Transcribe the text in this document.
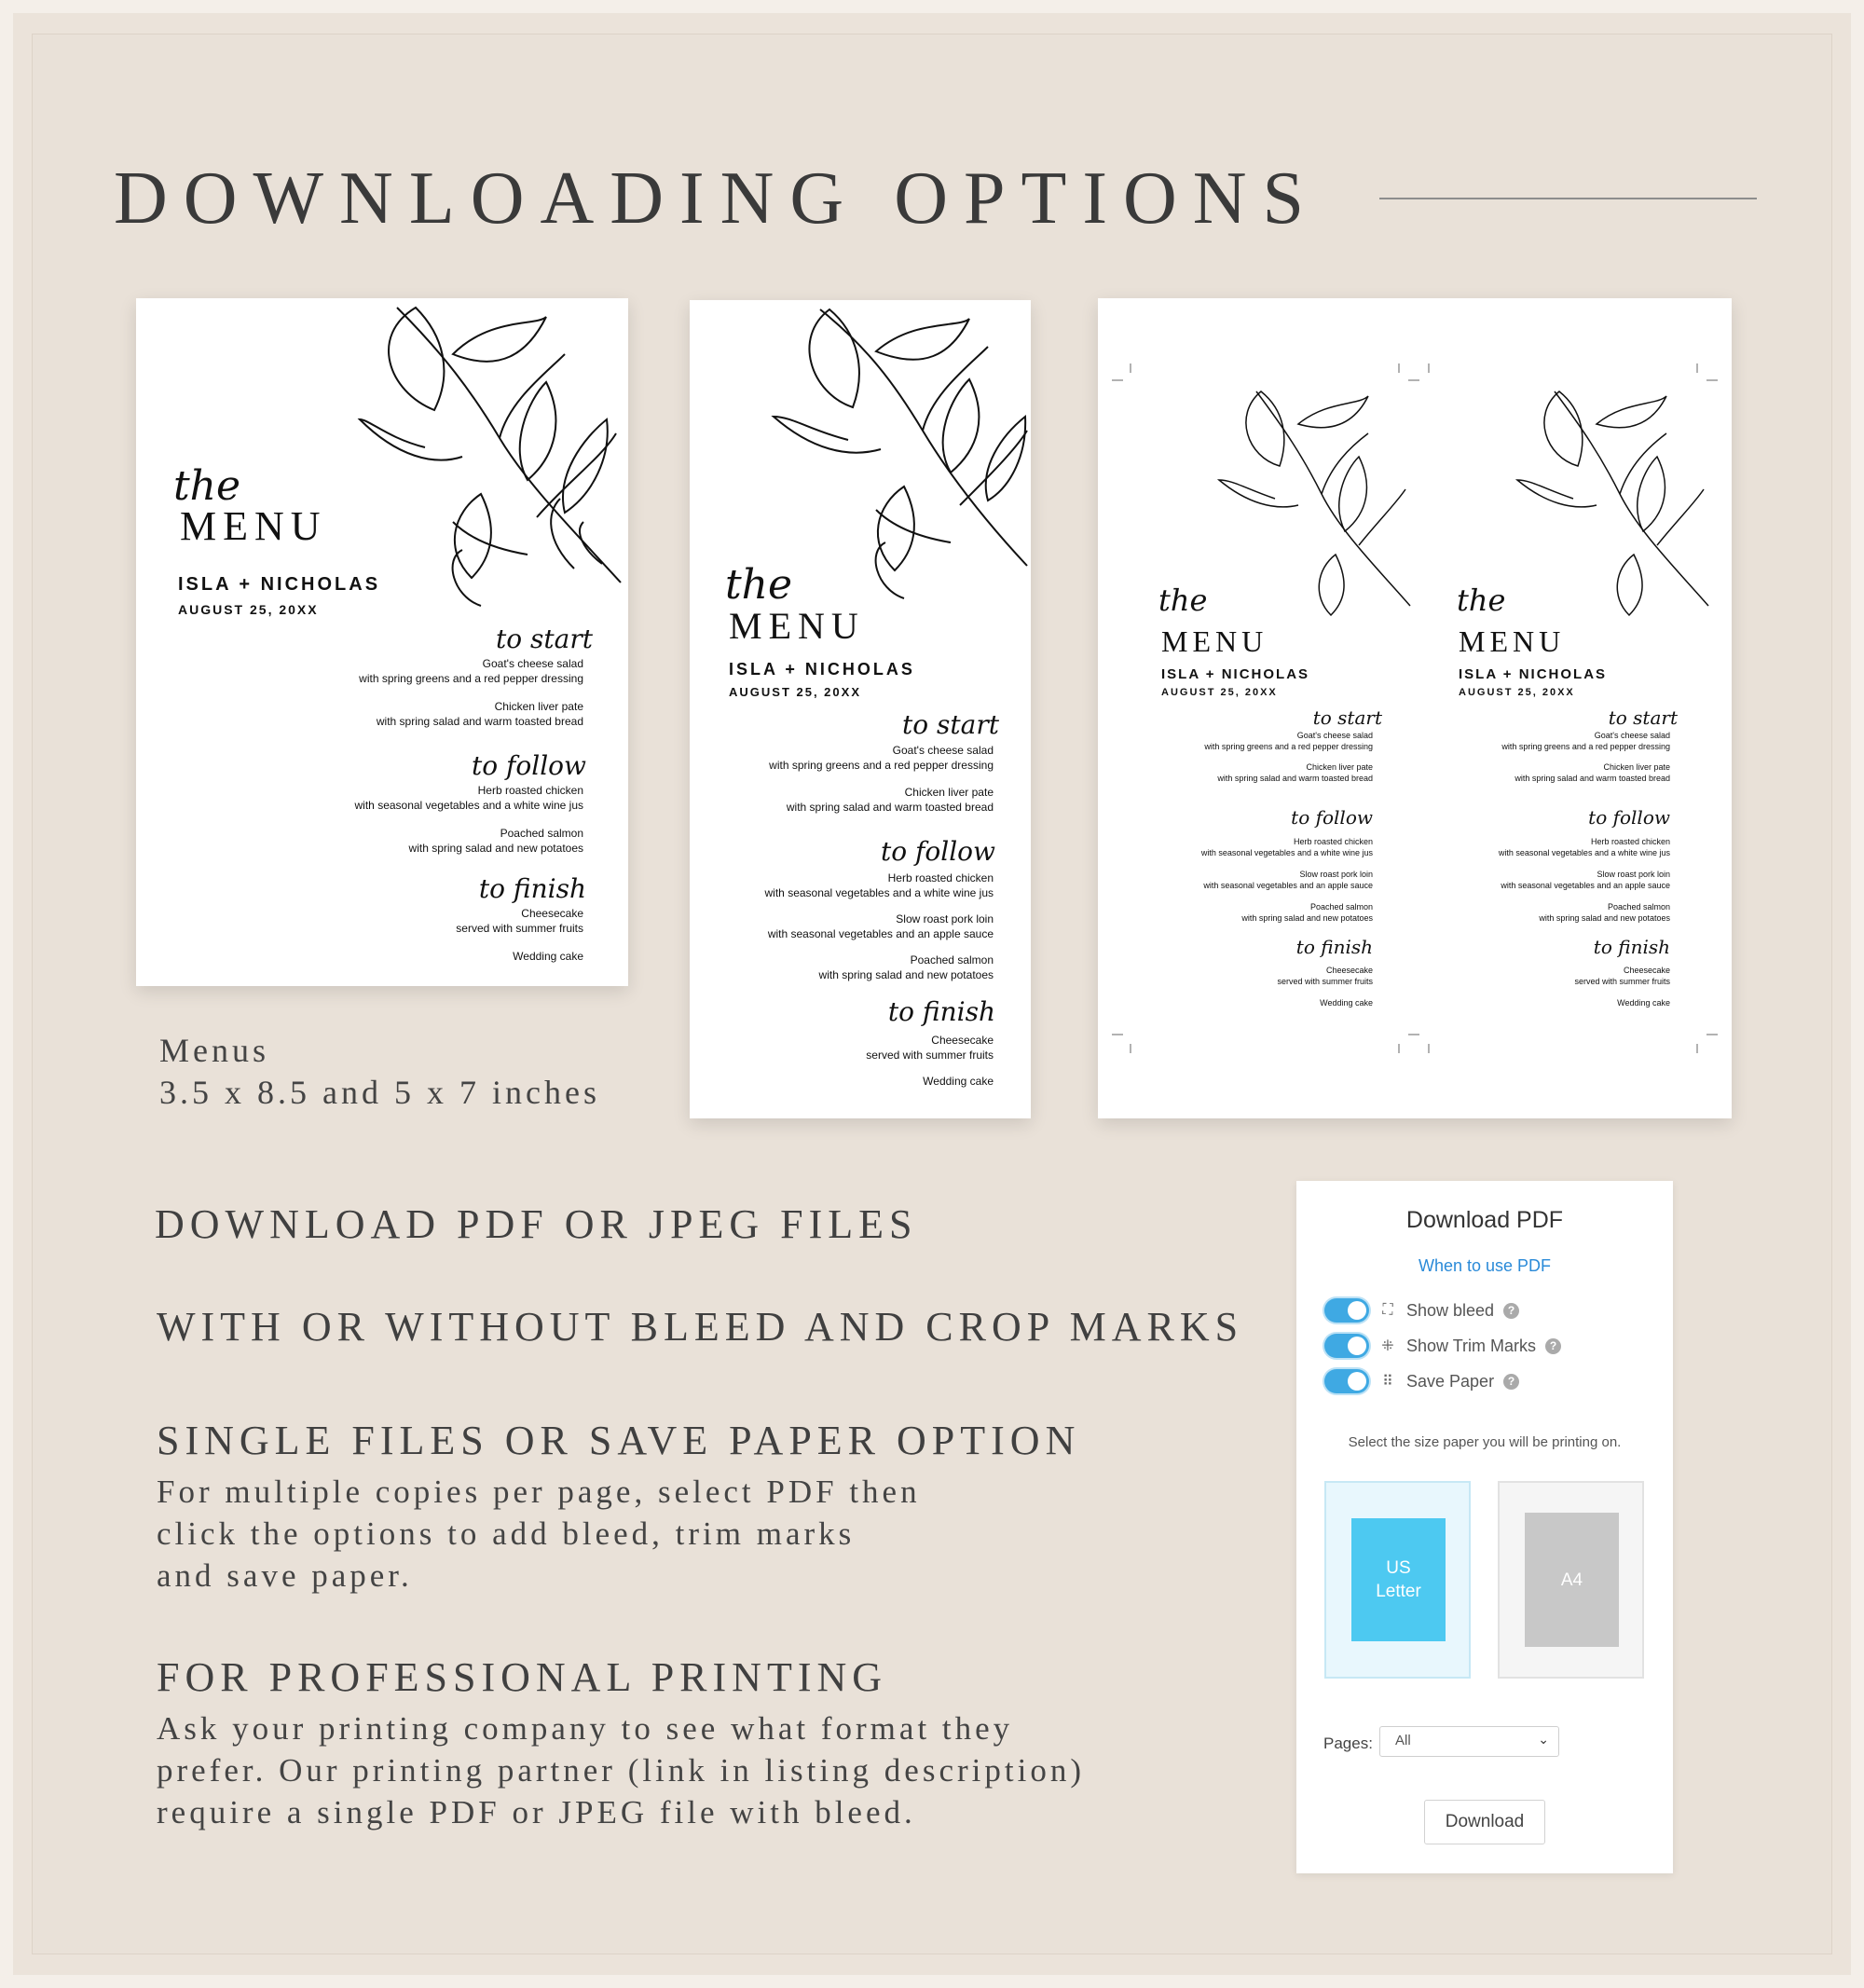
DOWNLOADING OPTIONS
the
MENU
ISLA + NICHOLAS
AUGUST 25, 20XX
to start
Goat's cheese salad
with spring greens and a red pepper dressing
Chicken liver pate
with spring salad and warm toasted bread
to follow
Herb roasted chicken
with seasonal vegetables and a white wine jus
Poached salmon
with spring salad and new potatoes
to finish
Cheesecake
served with summer fruits
Wedding cake
the
MENU
ISLA + NICHOLAS
AUGUST 25, 20XX
to start
Goat's cheese salad
with spring greens and a red pepper dressing
Chicken liver pate
with spring salad and warm toasted bread
to follow
Herb roasted chicken
with seasonal vegetables and a white wine jus
Slow roast pork loin
with seasonal vegetables and an apple sauce
Poached salmon
with spring salad and new potatoes
to finish
Cheesecake
served with summer fruits
Wedding cake
the
MENU
ISLA + NICHOLAS
AUGUST 25, 20XX
to start
Goat's cheese salad
with spring greens and a red pepper dressing
Chicken liver pate
with spring salad and warm toasted bread
to follow
Herb roasted chicken
with seasonal vegetables and a white wine jus
Slow roast pork loin
with seasonal vegetables and an apple sauce
Poached salmon
with spring salad and new potatoes
to finish
Cheesecake
served with summer fruits
Wedding cake
the
MENU
ISLA + NICHOLAS
AUGUST 25, 20XX
to start
Goat's cheese salad
with spring greens and a red pepper dressing
Chicken liver pate
with spring salad and warm toasted bread
to follow
Herb roasted chicken
with seasonal vegetables and a white wine jus
Slow roast pork loin
with seasonal vegetables and an apple sauce
Poached salmon
with spring salad and new potatoes
to finish
Cheesecake
served with summer fruits
Wedding cake
Menus
3.5 x 8.5 and 5 x 7 inches
DOWNLOAD PDF OR JPEG FILES
WITH OR WITHOUT BLEED AND CROP MARKS
SINGLE FILES OR SAVE PAPER OPTION
For multiple copies per page, select PDF then
click the options to add bleed, trim marks
and save paper.
FOR PROFESSIONAL PRINTING
Ask your printing company to see what format they
prefer. Our printing partner (link in listing description)
require a single PDF or JPEG file with bleed.
Download PDF
When to use PDF
⛶ Show bleed	?
⁜ Show Trim Marks	?
⠿ Save Paper	?
Select the size paper you will be printing on.
US
Letter
A4
Pages:	All	⌄
Download
